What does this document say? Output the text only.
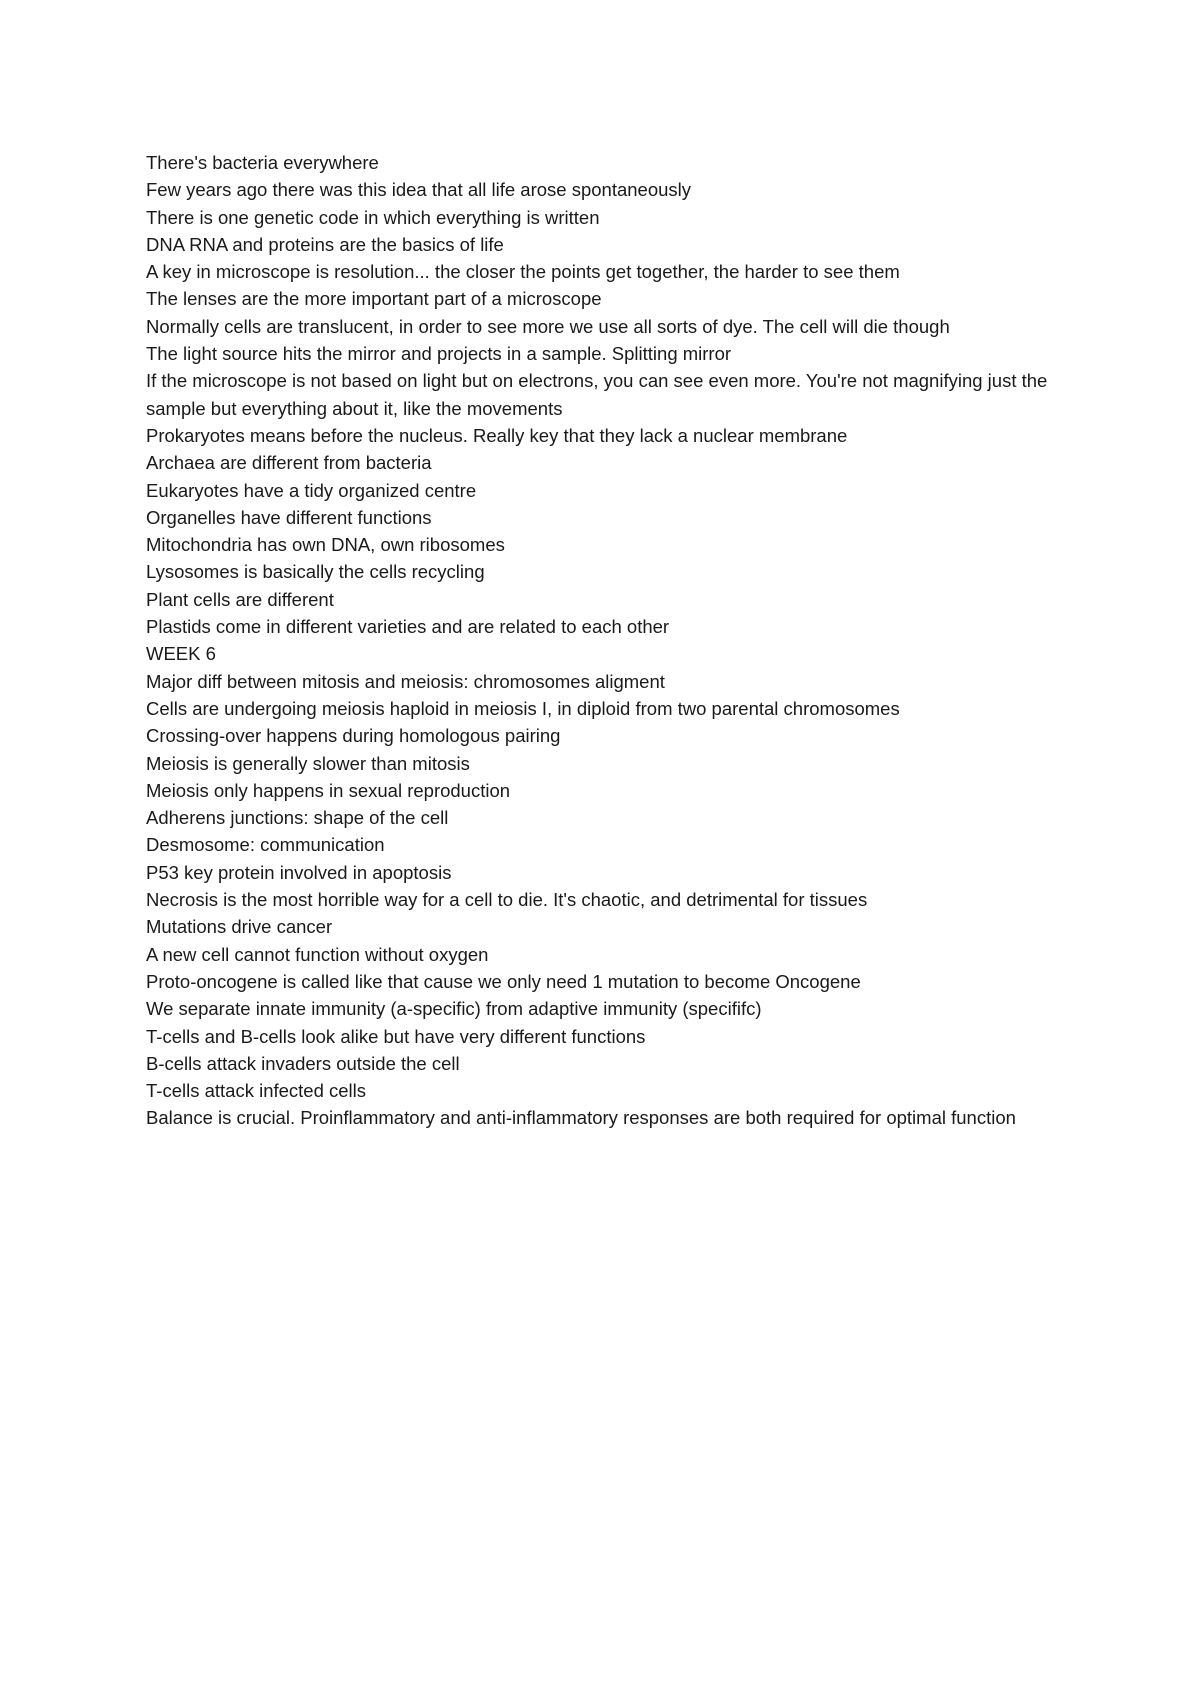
There's bacteria everywhere

Few years ago there was this idea that all life arose spontaneously

There is one genetic code in which everything is written

DNA RNA and proteins are the basics of life

A key in microscope is resolution... the closer the points get together, the harder to see them

The lenses are the more important part of a microscope

Normally cells are translucent, in order to see more we use all sorts of dye. The cell will die though

The light source hits the mirror and projects in a sample. Splitting mirror

If the microscope is not based on light but on electrons, you can see even more. You're not magnifying just the sample but everything about it, like the movements

Prokaryotes means before the nucleus. Really key that they lack a nuclear membrane

Archaea are different from bacteria

Eukaryotes have a tidy organized centre

Organelles have different functions

Mitochondria has own DNA, own ribosomes

Lysosomes is basically the cells recycling

Plant cells are different

Plastids come in different varieties and are related to each other

WEEK 6

Major diff between mitosis and meiosis: chromosomes aligment

Cells are undergoing meiosis haploid in meiosis I, in diploid from two parental chromosomes

Crossing-over happens during homologous pairing

Meiosis is generally slower than mitosis

Meiosis only happens in sexual reproduction

Adherens junctions: shape of the cell

Desmosome: communication

P53 key protein involved in apoptosis

Necrosis is the most horrible way for a cell to die. It's chaotic, and detrimental for tissues

Mutations drive cancer

A new cell cannot function without oxygen

Proto-oncogene is called like that cause we only need 1 mutation to become Oncogene

We separate innate immunity (a-specific) from adaptive immunity (specififc)

T-cells and B-cells look alike but have very different functions

B-cells attack invaders outside the cell

T-cells attack infected cells

Balance is crucial. Proinflammatory and anti-inflammatory responses are both required for optimal function
